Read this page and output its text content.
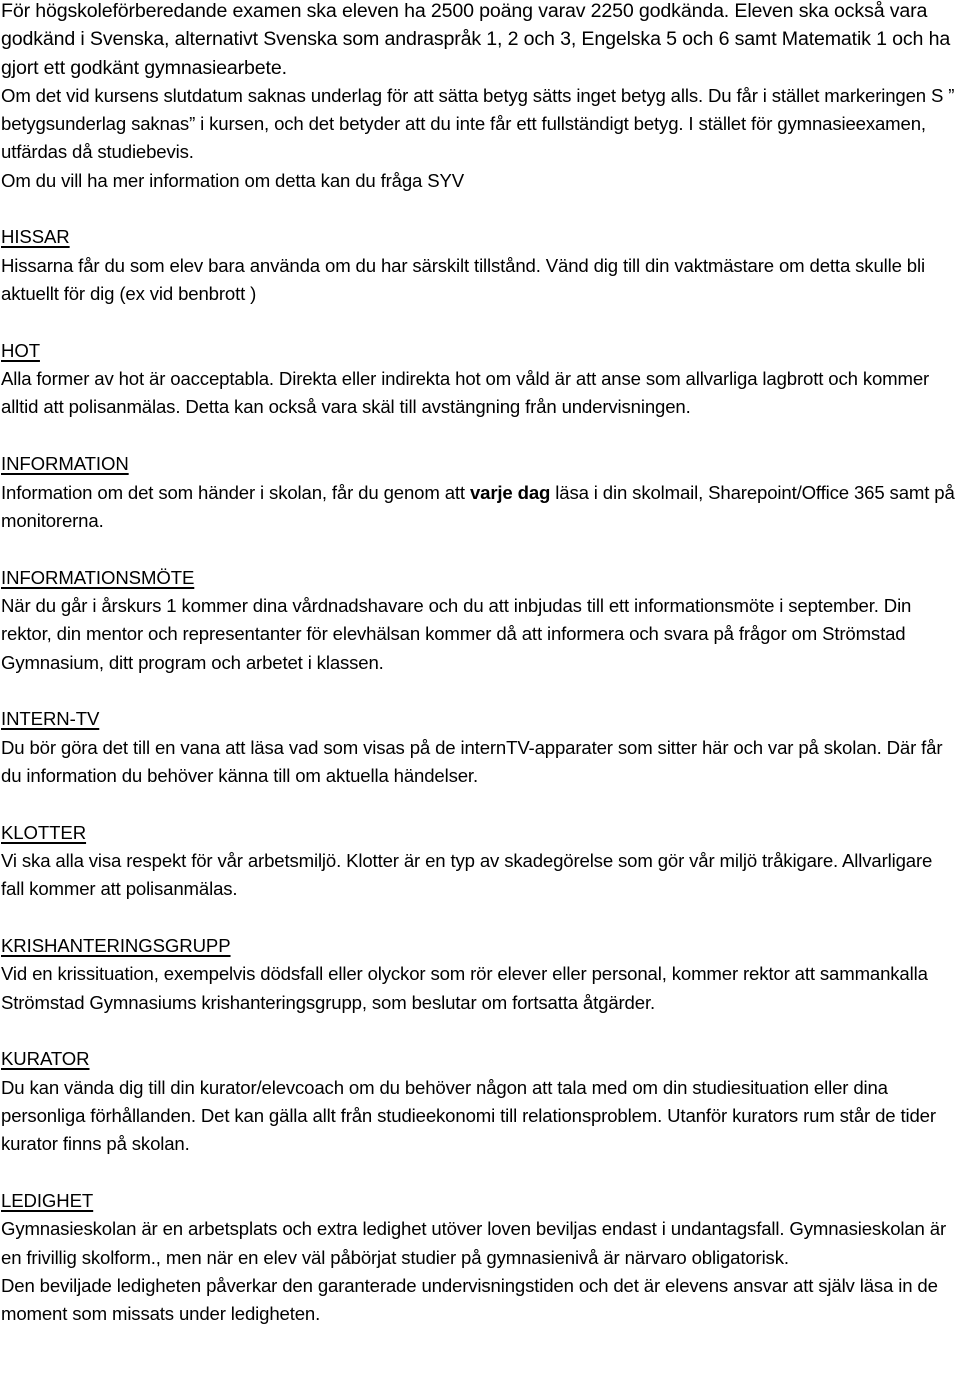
För högskoleförberedande examen ska eleven ha 2500 poäng varav 2250 godkända. Eleven ska också vara godkänd i Svenska, alternativt Svenska som andraspråk 1, 2 och 3, Engelska 5 och 6 samt Matematik 1 och ha gjort ett godkänt gymnasiearbete.

Om det vid kursens slutdatum saknas underlag för att sätta betyg sätts inget betyg alls. Du får i stället markeringen S ” betygsunderlag saknas” i kursen, och det betyder att du inte får ett fullständigt betyg. I stället för gymnasieexamen, utfärdas då studiebevis.

Om du vill ha mer information om detta kan du fråga SYV

HISSAR

Hissarna får du som elev bara använda om du har särskilt tillstånd. Vänd dig till din vaktmästare om detta skulle bli aktuellt för dig (ex vid benbrott )

HOT

Alla former av hot är oacceptabla. Direkta eller indirekta hot om våld är att anse som allvarliga lagbrott och kommer alltid att polisanmälas. Detta kan också vara skäl till avstängning från undervisningen.

INFORMATION

Information om det som händer i skolan, får du genom att varje dag läsa i din skolmail, Sharepoint/Office 365 samt på monitorerna.

INFORMATIONSMÖTE

När du går i årskurs 1 kommer dina vårdnadshavare och du att inbjudas till ett informationsmöte i september. Din rektor, din mentor och representanter för elevhälsan kommer då att informera och svara på frågor om Strömstad Gymnasium, ditt program och arbetet i klassen.

INTERN-TV

Du bör göra det till en vana att läsa vad som visas på de internTV-apparater som sitter här och var på skolan. Där får du information du behöver känna till om aktuella händelser.

KLOTTER

Vi ska alla visa respekt för vår arbetsmiljö. Klotter är en typ av skadegörelse som gör vår miljö tråkigare. Allvarligare fall kommer att polisanmälas.

KRISHANTERINGSGRUPP

Vid en krissituation, exempelvis dödsfall eller olyckor som rör elever eller personal, kommer rektor att sammankalla Strömstad Gymnasiums krishanteringsgrupp, som beslutar om fortsatta åtgärder.

KURATOR

Du kan vända dig till din kurator/elevcoach om du behöver någon att tala med om din studiesituation eller dina personliga förhållanden. Det kan gälla allt från studieekonomi till relationsproblem. Utanför kurators rum står de tider kurator finns på skolan.

LEDIGHET

Gymnasieskolan är en arbetsplats och extra ledighet utöver loven beviljas endast i undantagsfall. Gymnasieskolan är en frivillig skolform., men när en elev väl påbörjat studier på gymnasienivå är närvaro obligatorisk.

Den beviljade ledigheten påverkar den garanterade undervisningstiden och det är elevens ansvar att själv läsa in de moment som missats under ledigheten.
